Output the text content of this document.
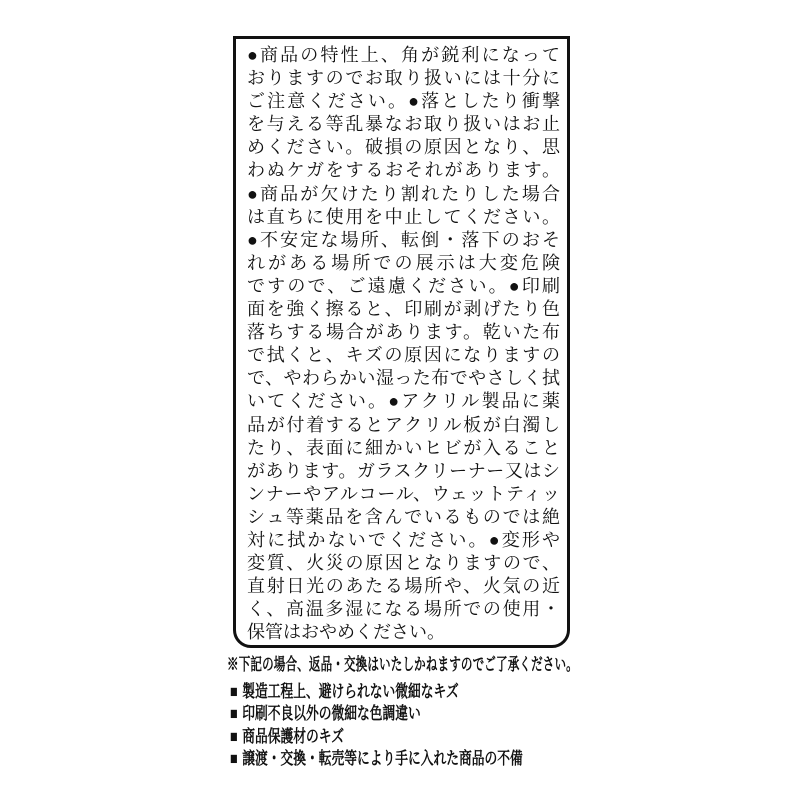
●商品の特性上、角が鋭利になって
おりますのでお取り扱いには十分に
ご注意ください。●落としたり衝撃
を与える等乱暴なお取り扱いはお止
めください。破損の原因となり、思
わぬケガをするおそれがあります。
●商品が欠けたり割れたりした場合
は直ちに使用を中止してください。
●不安定な場所、転倒・落下のおそ
れがある場所での展示は大変危険
ですので、ご遠慮ください。●印刷
面を強く擦ると、印刷が剥げたり色
落ちする場合があります。乾いた布
で拭くと、キズの原因になりますの
で、やわらかい湿った布でやさしく拭
いてください。●アクリル製品に薬
品が付着するとアクリル板が白濁し
たり、表面に細かいヒビが入ること
があります。ガラスクリーナー又はシ
ンナーやアルコール、ウェットティッ
シュ等薬品を含んでいるものでは絶
対に拭かないでください。●変形や
変質、火災の原因となりますので、
直射日光のあたる場所や、火気の近
く、高温多湿になる場所での使用・
保管はおやめください。
※下記の場合、返品・交換はいたしかねますのでご了承ください。
■ 製造工程上、避けられない微細なキズ
■ 印刷不良以外の微細な色調違い
■ 商品保護材のキズ
■ 譲渡・交換・転売等により手に入れた商品の不備
